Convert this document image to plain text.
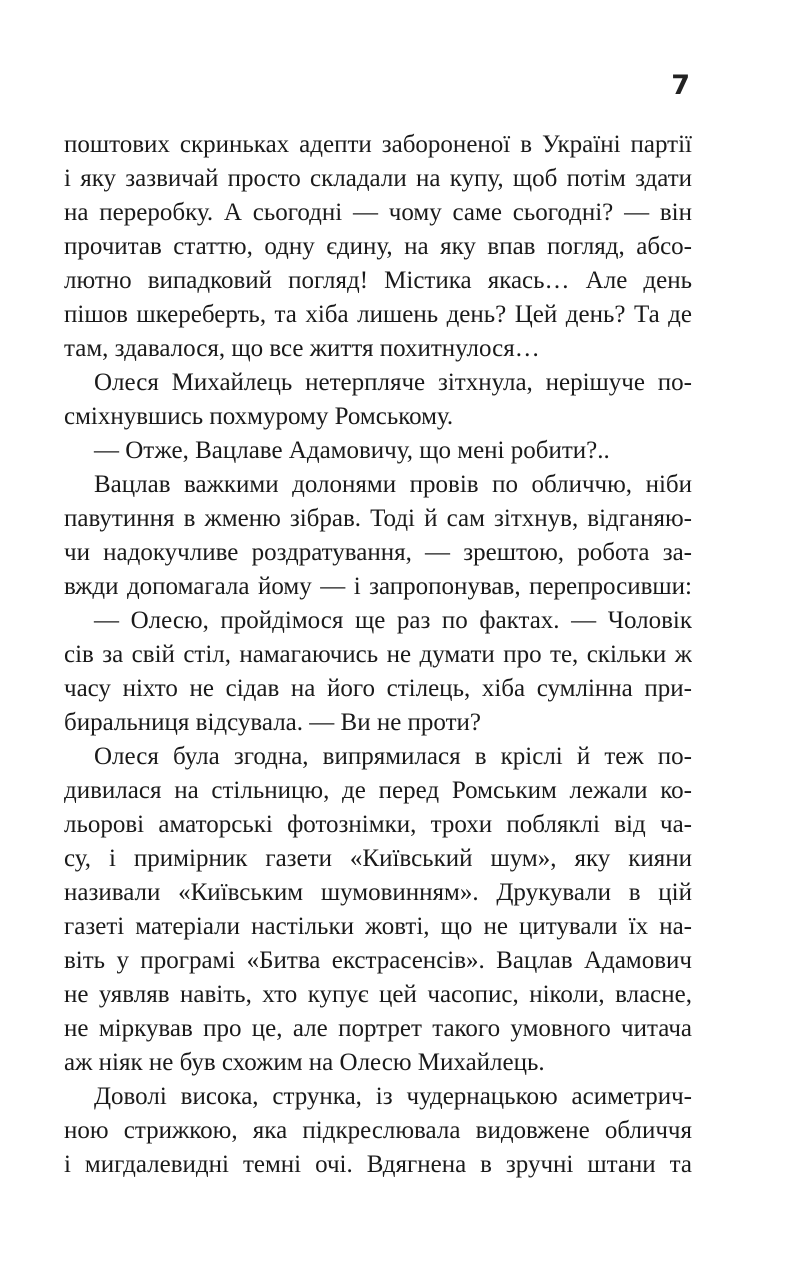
7
поштових скриньках адепти забороненої в Україні партії
і яку зазвичай просто складали на купу, щоб потім здати
на переробку. А сьогодні — чому саме сьогодні? — він
прочитав статтю, одну єдину, на яку впав погляд, абсо-
лютно випадковий погляд! Містика якась… Але день
пішов шкереберть, та хіба лишень день? Цей день? Та де
там, здавалося, що все життя похитнулося…
Олеся Михайлець нетерпляче зітхнула, нерішуче по-
сміхнувшись похмурому Ромському.
— Отже, Вацлаве Адамовичу, що мені робити?..
Вацлав важкими долонями провів по обличчю, ніби
павутиння в жменю зібрав. Тоді й сам зітхнув, відганяю-
чи надокучливе роздратування, — зрештою, робота за-
вжди допомагала йому — і запропонував, перепросивши:
— Олесю, пройдімося ще раз по фактах. — Чоловік
сів за свій стіл, намагаючись не думати про те, скільки ж
часу ніхто не сідав на його стілець, хіба сумлінна при-
биральниця відсувала. — Ви не проти?
Олеся була згодна, випрямилася в кріслі й теж по-
дивилася на стільницю, де перед Ромським лежали ко-
льорові аматорські фотознімки, трохи побляклі від ча-
су, і примірник газети «Київський шум», яку кияни
називали «Київським шумовинням». Друкували в цій
газеті матеріали настільки жовті, що не цитували їх на-
віть у програмі «Битва екстрасенсів». Вацлав Адамович
не уявляв навіть, хто купує цей часопис, ніколи, власне,
не міркував про це, але портрет такого умовного читача
аж ніяк не був схожим на Олесю Михайлець.
Доволі висока, струнка, із чудернацькою асиметрич-
ною стрижкою, яка підкреслювала видовжене обличчя
і мигдалевидні темні очі. Вдягнена в зручні штани та
